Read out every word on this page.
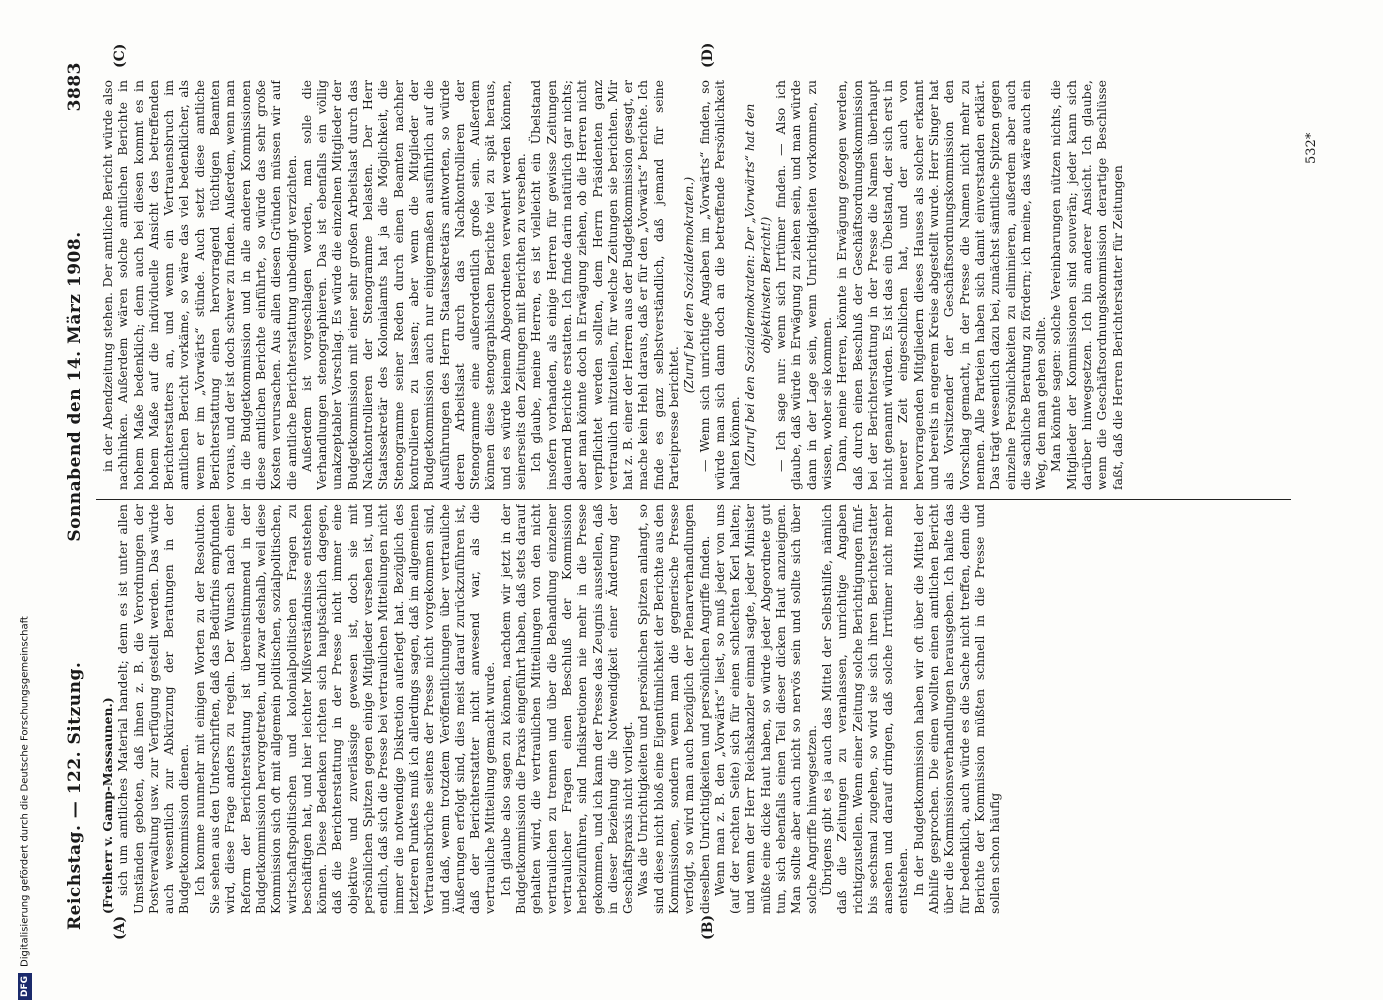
Reichstag. — 122. Sitzung.
Sonnabend den 14. März 1908.
3883
(A)	(B)
(C)	(D)

(Freiherr v. Gamp-Massaunen.) sich um amtliches Material handelt; denn es ist unter allen Umständen geboten, daß ihnen z. B. die Verordnungen der Postverwaltung usw. zur Verfügung gestellt werden. Das würde auch wesentlich zur Abkürzung der Beratungen in der Budgetkommission dienen. Ich komme nunmehr mit einigen Worten zu der Resolution. Sie sehen aus den Unterschriften, daß das Bedürfnis empfunden wird, diese Frage anders zu regeln. Der Wunsch nach einer Reform der Berichterstattung ist übereinstimmend in der Budgetkommission hervorgetreten, und zwar deshalb, weil diese Kommission sich oft mit allgemein politischen, sozialpolitischen, wirtschaftspolitischen und kolonialpolitischen Fragen zu beschäftigen hat, und hier leichter Mißverständnisse entstehen können. Diese Bedenken richten sich hauptsächlich dagegen, daß die Berichterstattung in der Presse nicht immer eine objektive und zuverlässige gewesen ist, doch sie mit persönlichen Spitzen gegen einige Mitglieder versehen ist, und endlich, daß sich die Presse bei vertraulichen Mitteilungen nicht immer die notwendige Diskretion auferlegt hat. Bezüglich des letzteren Punktes muß ich allerdings sagen, daß im allgemeinen Vertrauensbrüche seitens der Presse nicht vorgekommen sind, und daß, wenn trotzdem Veröffentlichungen über vertrauliche Äußerungen erfolgt sind, dies meist darauf zurückzuführen ist, daß der Berichterstatter nicht anwesend war, als die vertrauliche Mitteilung gemacht wurde. Ich glaube also sagen zu können, nachdem wir jetzt in der Budgetkommission die Praxis eingeführt haben, daß stets darauf gehalten wird, die vertraulichen Mitteilungen von den nicht vertraulichen zu trennen und über die Behandlung einzelner vertraulicher Fragen einen Beschluß der Kommission herbeizuführen, sind Indiskretionen nie mehr in die Presse gekommen, und ich kann der Presse das Zeugnis ausstellen, daß in dieser Beziehung die Notwendigkeit einer Änderung der Geschäftspraxis nicht vorliegt. Was die Unrichtigkeiten und persönlichen Spitzen anlangt, so sind diese nicht bloß eine Eigentümlichkeit der Berichte aus den Kommissionen, sondern wenn man die gegnerische Presse verfolgt, so wird man auch bezüglich der Plenarverhandlungen dieselben Unrichtigkeiten und persönlichen Angriffe finden. Wenn man z. B. den „Vorwärts“ liest, so muß jeder von uns (auf der rechten Seite) sich für einen schlechten Kerl halten; und wenn der Herr Reichskanzler einmal sagte, jeder Minister müßte eine dicke Haut haben, so würde jeder Abgeordnete gut tun, sich ebenfalls einen Teil dieser dicken Haut anzueignen. Man sollte aber auch nicht so nervös sein und sollte sich über solche Angriffe hinwegsetzen. Übrigens gibt es ja auch das Mittel der Selbsthilfe, nämlich daß die Zeitungen zu veranlassen, unrichtige Angaben richtigzustellen. Wenn einer Zeitung solche Berichtigungen fünf- bis sechsmal zugehen, so wird sie sich ihren Berichterstatter ansehen und darauf dringen, daß solche Irrtümer nicht mehr entstehen. In der Budgetkommission haben wir oft über die Mittel der Abhilfe gesprochen. Die einen wollten einen amtlichen Bericht über die Kommissionsverhandlungen herausgeben. Ich halte das für bedenklich, auch würde es die Sache nicht treffen, denn die Berichte der Kommission müßten schnell in die Presse und sollen schon häufig

in der Abendzeitung stehen. Der amtliche Bericht würde also nachhinken. Außerdem wären solche amtlichen Berichte in hohem Maße bedenklich; denn auch bei diesen kommt es in hohem Maße auf die individuelle Ansicht des betreffenden Berichterstatters an, und wenn ein Vertrauensbruch im amtlichen Bericht vorkäme, so wäre das viel bedenklicher, als wenn er im „Vorwärts“ stünde. Auch setzt diese amtliche Berichterstattung einen hervorragend tüchtigen Beamten voraus, und der ist doch schwer zu finden. Außerdem, wenn man in die Budgetkommission und in alle anderen Kommissionen diese amtlichen Berichte einführte, so würde das sehr große Kosten verursachen. Aus allen diesen Gründen müssen wir auf die amtliche Berichterstattung unbedingt verzichten. Außerdem ist vorgeschlagen worden, man solle die Verhandlungen stenographieren. Das ist ebenfalls ein völlig unakzeptabler Vorschlag. Es würde die einzelnen Mitglieder der Budgetkommission mit einer sehr großen Arbeitslast durch das Nachkontrollieren der Stenogramme belasten. Der Herr Staatssekretär des Kolonialamts hat ja die Möglichkeit, die Stenogramme seiner Reden durch einen Beamten nachher kontrollieren zu lassen; aber wenn die Mitglieder der Budgetkommission auch nur einigermaßen ausführlich auf die Ausführungen des Herrn Staatssekretärs antworten, so würde deren Arbeitslast durch das Nachkontrollieren der Stenogramme eine außerordentlich große sein. Außerdem können diese stenographischen Berichte viel zu spät heraus, und es würde keinem Abgeordneten verwehrt werden können, seinerseits den Zeitungen mit Berichten zu versehen. Ich glaube, meine Herren, es ist vielleicht ein Übelstand insofern vorhanden, als einige Herren für gewisse Zeitungen dauernd Berichte erstatten. Ich finde darin natürlich gar nichts; aber man könnte doch in Erwägung ziehen, ob die Herren nicht verpflichtet werden sollten, dem Herrn Präsidenten ganz vertraulich mitzuteilen, für welche Zeitungen sie berichten. Mir hat z. B. einer der Herren aus der Budgetkommission gesagt, er mache kein Hehl daraus, daß er für den „Vorwärts“ berichte. Ich finde es ganz selbstverständlich, daß jemand für seine Parteipresse berichtet.

(Zuruf bei den Sozialdemokraten.) — Wenn sich unrichtige Angaben im „Vorwärts“ finden, so würde man sich dann doch an die betreffende Persönlichkeit halten können. (Zuruf bei den Sozialdemokraten: Der „Vorwärts“ hat den objektivsten Bericht!) — Ich sage nur: wenn sich Irrtümer finden. — Also ich glaube, daß würde in Erwägung zu ziehen sein, und man würde dann in der Lage sein, wenn Unrichtigkeiten vorkommen, zu wissen, woher sie kommen. Dann, meine Herren, könnte in Erwägung gezogen werden, daß durch einen Beschluß der Geschäftsordnungskommission bei der Berichterstattung in der Presse die Namen überhaupt nicht genannt würden. Es ist das ein Übelstand, der sich erst in neuerer Zeit eingeschlichen hat, und der auch von hervorragenden Mitgliedern dieses Hauses als solcher erkannt und bereits in engerem Kreise abgestellt wurde. Herr Singer hat als Vorsitzender der Geschäftsordnungskommission den Vorschlag gemacht, in der Presse die Namen nicht mehr zu nennen. Alle Parteien haben sich damit einverstanden erklärt. Das trägt wesentlich dazu bei, zunächst sämtliche Spitzen gegen einzelne Persönlichkeiten zu eliminieren, außerdem aber auch die sachliche Beratung zu fördern; ich meine, das wäre auch ein Weg, den man gehen sollte. Man könnte sagen: solche Vereinbarungen nützen nichts, die Mitglieder der Kommissionen sind souverän; jeder kann sich darüber hinwegsetzen. Ich bin anderer Ansicht. Ich glaube, wenn die Geschäftsordnungskommission derartige Beschlüsse faßt, daß die Herren Berichterstatter für Zeitungen

532*
DFG
Digitalisierung gefördert durch die Deutsche Forschungsgemeinschaft
